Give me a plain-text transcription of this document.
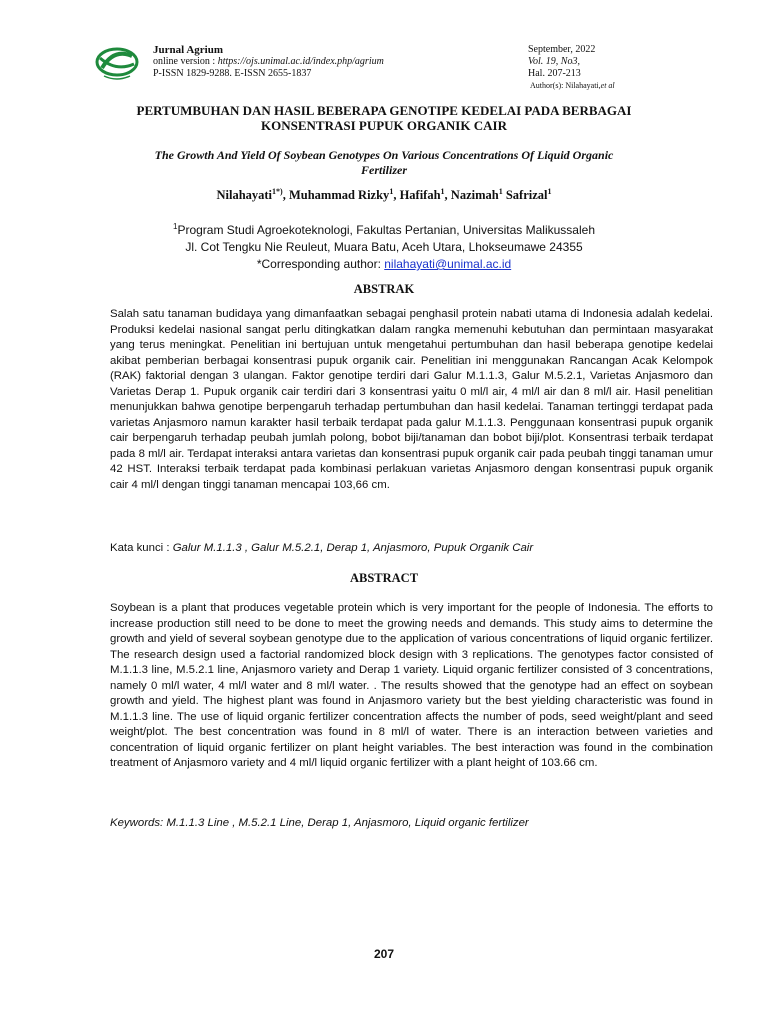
Jurnal Agrium
online version : https://ojs.unimal.ac.id/index.php/agrium
P-ISSN 1829-9288. E-ISSN 2655-1837
September, 2022
Vol. 19, No3,
Hal. 207-213
Author(s): Nilahayati,et al
PERTUMBUHAN DAN HASIL BEBERAPA GENOTIPE KEDELAI PADA BERBAGAI KONSENTRASI PUPUK ORGANIK CAIR
The Growth And Yield Of Soybean Genotypes On Various Concentrations Of Liquid Organic Fertilizer
Nilahayati$^{1*)}$, Muhammad Rizky$^1$, Hafifah$^1$, Nazimah$^1$ Safrizal$^1$
$^1$Program Studi Agroekoteknologi, Fakultas Pertanian, Universitas Malikussaleh
Jl. Cot Tengku Nie Reuleut, Muara Batu, Aceh Utara, Lhokseumawe 24355
*Corresponding author: nilahayati@unimal.ac.id
ABSTRAK

Salah satu tanaman budidaya yang dimanfaatkan sebagai penghasil protein nabati utama di Indonesia adalah kedelai. Produksi kedelai nasional sangat perlu ditingkatkan dalam rangka memenuhi kebutuhan dan permintaan masyarakat yang terus meningkat. Penelitian ini bertujuan untuk mengetahui pertumbuhan dan hasil beberapa genotipe kedelai akibat pemberian berbagai konsentrasi pupuk organik cair. Penelitian ini menggunakan Rancangan Acak Kelompok (RAK) faktorial dengan 3 ulangan. Faktor genotipe terdiri dari Galur M.1.1.3, Galur M.5.2.1, Varietas Anjasmoro dan Varietas Derap 1. Pupuk organik cair terdiri dari 3 konsentrasi yaitu 0 ml/l air, 4 ml/l air dan 8 ml/l air. Hasil penelitian menunjukkan bahwa genotipe berpengaruh terhadap pertumbuhan dan hasil kedelai. Tanaman tertinggi terdapat pada varietas Anjasmoro namun karakter hasil terbaik terdapat pada galur M.1.1.3. Penggunaan konsentrasi pupuk organik cair berpengaruh terhadap peubah jumlah polong, bobot biji/tanaman dan bobot biji/plot. Konsentrasi terbaik terdapat pada 8 ml/l air. Terdapat interaksi antara varietas dan konsentrasi pupuk organik cair pada peubah tinggi tanaman umur 42 HST. Interaksi terbaik terdapat pada kombinasi perlakuan varietas Anjasmoro dengan konsentrasi pupuk organik cair 4 ml/l dengan tinggi tanaman mencapai 103,66 cm.

Kata kunci : Galur M.1.1.3 , Galur M.5.2.1, Derap 1, Anjasmoro, Pupuk Organik Cair
ABSTRACT

Soybean is a plant that produces vegetable protein which is very important for the people of Indonesia. The efforts to increase production still need to be done to meet the growing needs and demands. This study aims to determine the growth and yield of several soybean genotype due to the application of various concentrations of liquid organic fertilizer. The research design used a factorial randomized block design with 3 replications. The genotypes factor consisted of M.1.1.3 line, M.5.2.1 line, Anjasmoro variety and Derap 1 variety. Liquid organic fertilizer consisted of 3 concentrations, namely 0 ml/l water, 4 ml/l water and 8 ml/l water. . The results showed that the genotype had an effect on soybean growth and yield. The highest plant was found in Anjasmoro variety but the best yielding characteristic was found in M.1.1.3 line. The use of liquid organic fertilizer concentration affects the number of pods, seed weight/plant and seed weight/plot. The best concentration was found in 8 ml/l of water. There is an interaction between varieties and concentration of liquid organic fertilizer on plant height variables. The best interaction was found in the combination treatment of Anjasmoro variety and 4 ml/l liquid organic fertilizer with a plant height of 103.66 cm.

Keywords: M.1.1.3 Line , M.5.2.1 Line, Derap 1, Anjasmoro, Liquid organic fertilizer
207
